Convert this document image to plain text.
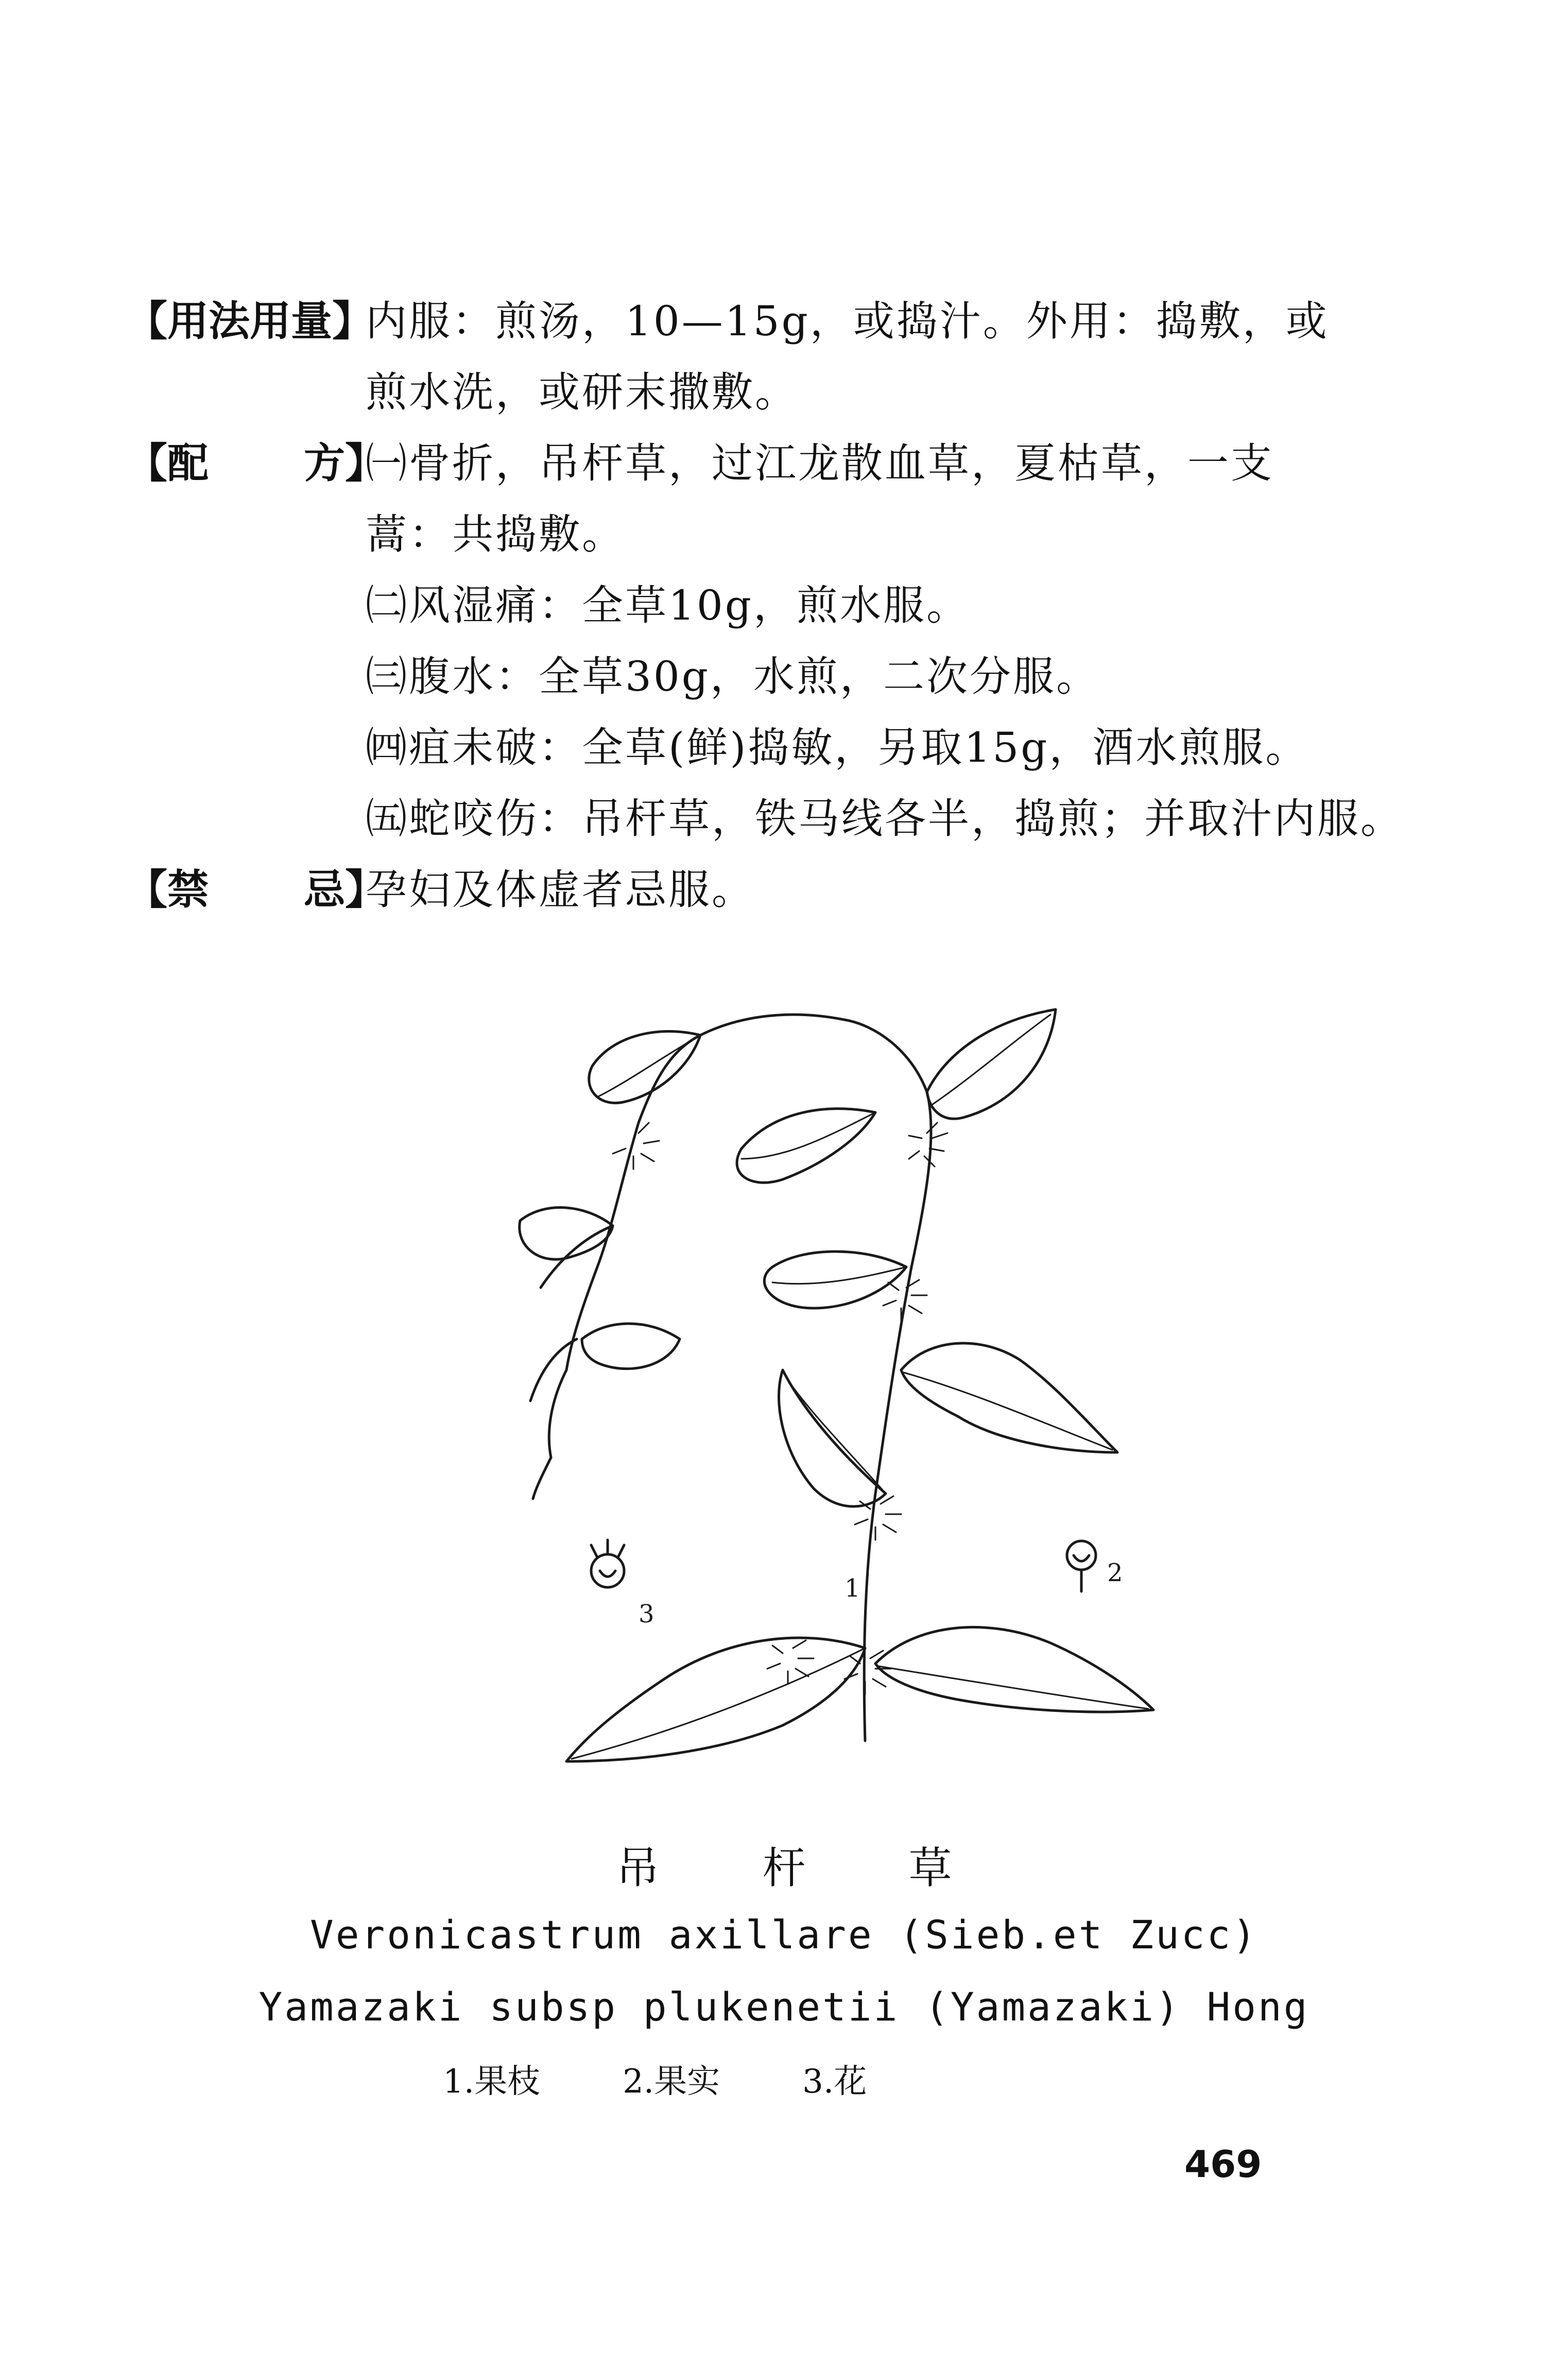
【用法用量】
内服：煎汤，10—15g，或捣汁。外用：捣敷，或
煎水洗，或研末撒敷。
【配 方】
㈠骨折，吊杆草，过江龙散血草，夏枯草，一支
蒿：共捣敷。
㈡风湿痛：全草10g，煎水服。
㈢腹水：全草30g，水煎，二次分服。
㈣疽未破：全草(鲜)捣敏，另取15g，酒水煎服。
㈤蛇咬伤：吊杆草，铁马线各半，捣煎；并取汁内服。
【禁 忌】
孕妇及体虚者忌服。
1
2
3
吊杆草
Veronicastrum axillare (Sieb.et Zucc)
Yamazaki subsp plukenetii (Yamazaki) Hong
1.果枝	2.果实	3.花
469
